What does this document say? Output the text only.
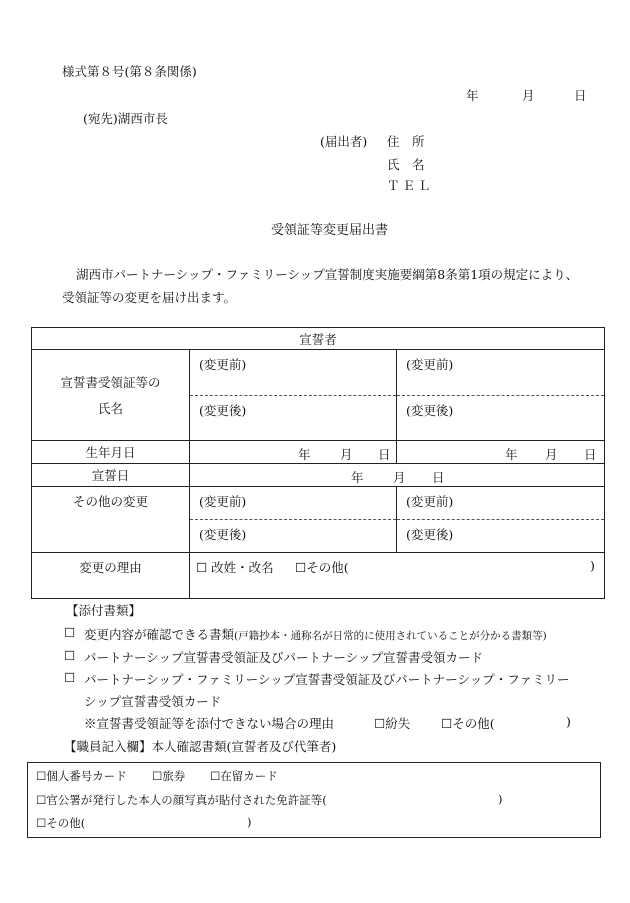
様式第８号(第８条関係)
年	月	日
(宛先)湖西市長
(届出者) 住　所
氏　名
ＴＥＬ
受領証等変更届出書
湖西市パートナーシップ・ファミリーシップ宣誓制度実施要綱第8条第1項の規定により、
受領証等の変更を届け出ます。
宣誓者		

宣誓書受領証等の
氏名	(変更前)	(変更前)

	(変更後)	(変更後)

生年月日	年 月 日	年 月 日

宣誓日	年 月 日	

その他の変更	(変更前)	(変更前)

	(変更後)	(変更後)

変更の理由	☐ 改姓・改名 ☐その他( )	
【添付書類】
☐ 変更内容が確認できる書類(戸籍抄本・通称名が日常的に使用されていることが分かる書類等)
☐ パートナーシップ宣誓書受領証及びパートナーシップ宣誓書受領カード
☐ パートナーシップ・ファミリーシップ宣誓書受領証及びパートナーシップ・ファミリー
シップ宣誓書受領カード
※宣誓書受領証等を添付できない場合の理由	☐紛失 ☐その他(	)
【職員記入欄】本人確認書類(宣誓者及び代筆者)
☐個人番号カード ☐旅券 ☐在留カード
☐官公署が発行した本人の顔写真が貼付された免許証等(	)
☐その他(	)
